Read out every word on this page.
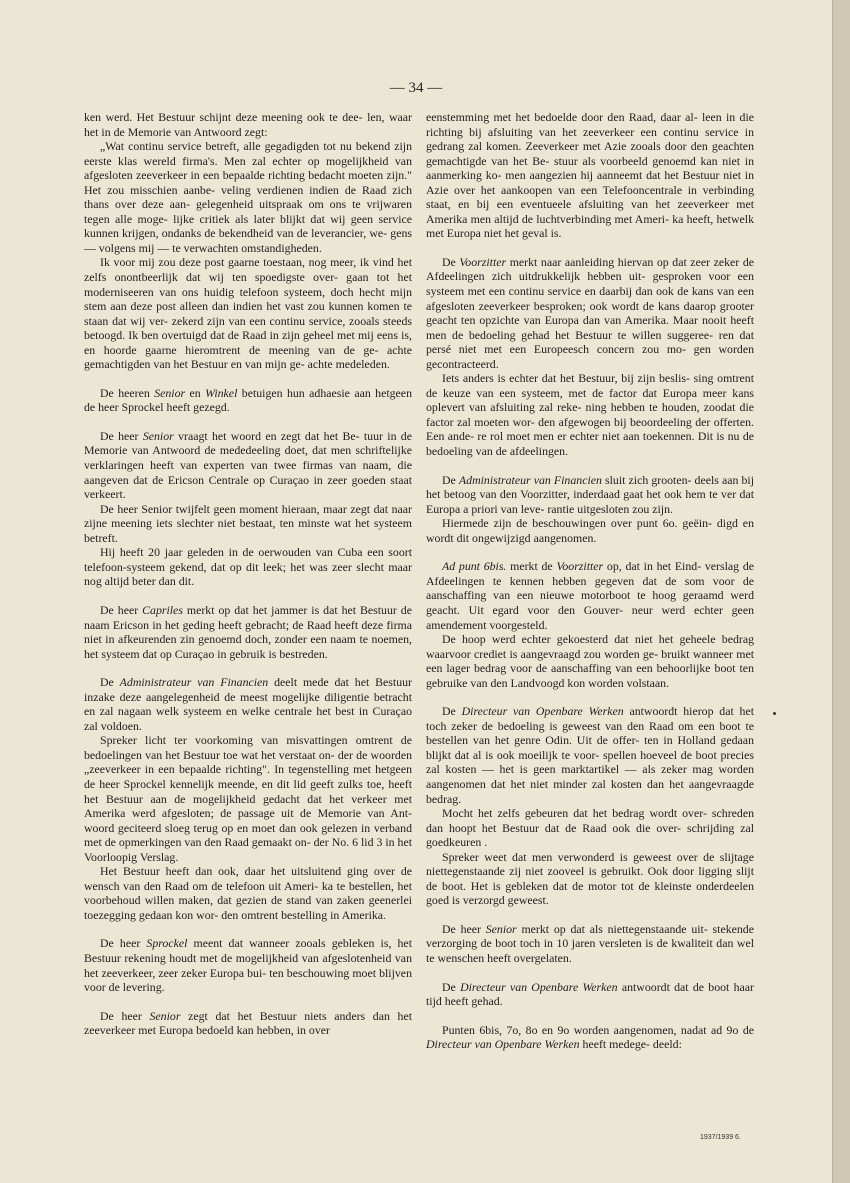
— 34 —

ken werd. Het Bestuur schijnt deze meening ook te dee- len, waar het in de Memorie van Antwoord zegt:

„Wat continu service betreft, alle gegadigden tot nu bekend zijn eerste klas wereld firma's. Men zal echter op mogelijkheid van afgesloten zeeverkeer in een bepaalde richting bedacht moeten zijn." Het zou misschien aanbe- veling verdienen indien de Raad zich thans over deze aan- gelegenheid uitspraak om ons te vrijwaren tegen alle moge- lijke critiek als later blijkt dat wij geen service kunnen krijgen, ondanks de bekendheid van de leverancier, we- gens — volgens mij — te verwachten omstandigheden.

Ik voor mij zou deze post gaarne toestaan, nog meer, ik vind het zelfs onontbeerlijk dat wij ten spoedigste over- gaan tot het moderniseeren van ons huidig telefoon systeem, doch hecht mijn stem aan deze post alleen dan indien het vast zou kunnen komen te staan dat wij ver- zekerd zijn van een continu service, zooals steeds betoogd. Ik ben overtuigd dat de Raad in zijn geheel met mij eens is, en hoorde gaarne hieromtrent de meening van de ge- achte gemachtigden van het Bestuur en van mijn ge- achte medeleden.

De heeren Senior en Winkel betuigen hun adhaesie aan hetgeen de heer Sprockel heeft gezegd.

De heer Senior vraagt het woord en zegt dat het Be- tuur in de Memorie van Antwoord de mededeeling doet, dat men schriftelijke verklaringen heeft van experten van twee firmas van naam, die aangeven dat de Ericson Centrale op Curaçao in zeer goeden staat verkeert.

De heer Senior twijfelt geen moment hieraan, maar zegt dat naar zijne meening iets slechter niet bestaat, ten minste wat het systeem betreft.

Hij heeft 20 jaar geleden in de oerwouden van Cuba een soort telefoon-systeem gekend, dat op dit leek; het was zeer slecht maar nog altijd beter dan dit.

De heer Capriles merkt op dat het jammer is dat het Bestuur de naam Ericson in het geding heeft gebracht; de Raad heeft deze firma niet in afkeurenden zin genoemd doch, zonder een naam te noemen, het systeem dat op Curaçao in gebruik is bestreden.

De Administrateur van Financien deelt mede dat het Bestuur inzake deze aangelegenheid de meest mogelijke diligentie betracht en zal nagaan welk systeem en welke centrale het best in Curaçao zal voldoen.

Spreker licht ter voorkoming van misvattingen omtrent de bedoelingen van het Bestuur toe wat het verstaat on- der de woorden „zeeverkeer in een bepaalde richting". In tegenstelling met hetgeen de heer Sprockel kennelijk meende, en dit lid geeft zulks toe, heeft het Bestuur aan de mogelijkheid gedacht dat het verkeer met Amerika werd afgesloten; de passage uit de Memorie van Ant- woord geciteerd sloeg terug op en moet dan ook gelezen in verband met de opmerkingen van den Raad gemaakt on- der No. 6 lid 3 in het Voorloopig Verslag.

Het Bestuur heeft dan ook, daar het uitsluitend ging over de wensch van den Raad om de telefoon uit Ameri- ka te bestellen, het voorbehoud willen maken, dat gezien de stand van zaken geenerlei toezegging gedaan kon wor- den omtrent bestelling in Amerika.

De heer Sprockel meent dat wanneer zooals gebleken is, het Bestuur rekening houdt met de mogelijkheid van afgeslotenheid van het zeeverkeer, zeer zeker Europa bui- ten beschouwing moet blijven voor de levering.

De heer Senior zegt dat het Bestuur niets anders dan het zeeverkeer met Europa bedoeld kan hebben, in over

eenstemming met het bedoelde door den Raad, daar al- leen in die richting bij afsluiting van het zeeverkeer een continu service in gedrang zal komen. Zeeverkeer met Azie zooals door den geachten gemachtigde van het Be- stuur als voorbeeld genoemd kan niet in aanmerking ko- men aangezien hij aanneemt dat het Bestuur niet in Azie over het aankoopen van een Telefooncentrale in verbinding staat, en bij een eventueele afsluiting van het zeeverkeer met Amerika men altijd de luchtverbinding met Ameri- ka heeft, hetwelk met Europa niet het geval is.

De Voorzitter merkt naar aanleiding hiervan op dat zeer zeker de Afdeelingen zich uitdrukkelijk hebben uit- gesproken voor een systeem met een continu service en daarbij dan ook de kans van een afgesloten zeeverkeer besproken; ook wordt de kans daarop grooter geacht ten opzichte van Europa dan van Amerika. Maar nooit heeft men de bedoeling gehad het Bestuur te willen suggeree- ren dat persé niet met een Europeesch concern zou mo- gen worden gecontracteerd.

Iets anders is echter dat het Bestuur, bij zijn beslis- sing omtrent de keuze van een systeem, met de factor dat Europa meer kans oplevert van afsluiting zal reke- ning hebben te houden, zoodat die factor zal moeten wor- den afgewogen bij beoordeeling der offerten. Een ande- re rol moet men er echter niet aan toekennen. Dit is nu de bedoeling van de afdeelingen.

De Administrateur van Financien sluit zich grooten- deels aan bij het betoog van den Voorzitter, inderdaad gaat het ook hem te ver dat Europa a priori van leve- rantie uitgesloten zou zijn.

Hiermede zijn de beschouwingen over punt 6o. geëin- digd en wordt dit ongewijzigd aangenomen.

Ad punt 6bis. merkt de Voorzitter op, dat in het Eind- verslag de Afdeelingen te kennen hebben gegeven dat de som voor de aanschaffing van een nieuwe motorboot te hoog geraamd werd geacht. Uit egard voor den Gouver- neur werd echter geen amendement voorgesteld.

De hoop werd echter gekoesterd dat niet het geheele bedrag waarvoor crediet is aangevraagd zou worden ge- bruikt wanneer met een lager bedrag voor de aanschaffing van een behoorlijke boot ten gebruike van den Landvoogd kon worden volstaan.

De Directeur van Openbare Werken antwoordt hierop dat het toch zeker de bedoeling is geweest van den Raad om een boot te bestellen van het genre Odin. Uit de offer- ten in Holland gedaan blijkt dat al is ook moeilijk te voor- spellen hoeveel de boot precies zal kosten — het is geen marktartikel — als zeker mag worden aangenomen dat het niet minder zal kosten dan het aangevraagde bedrag.

Mocht het zelfs gebeuren dat het bedrag wordt over- schreden dan hoopt het Bestuur dat de Raad ook die over- schrijding zal goedkeuren .

Spreker weet dat men verwonderd is geweest over de slijtage niettegenstaande zij niet zooveel is gebruikt. Ook door ligging slijt de boot. Het is gebleken dat de motor tot de kleinste onderdeelen goed is verzorgd geweest.

De heer Senior merkt op dat als niettegenstaande uit- stekende verzorging de boot toch in 10 jaren versleten is de kwaliteit dan wel te wenschen heeft overgelaten.

De Directeur van Openbare Werken antwoordt dat de boot haar tijd heeft gehad.

Punten 6bis, 7o, 8o en 9o worden aangenomen, nadat ad 9o de Directeur van Openbare Werken heeft medege- deeld:

1937/1939 6.
